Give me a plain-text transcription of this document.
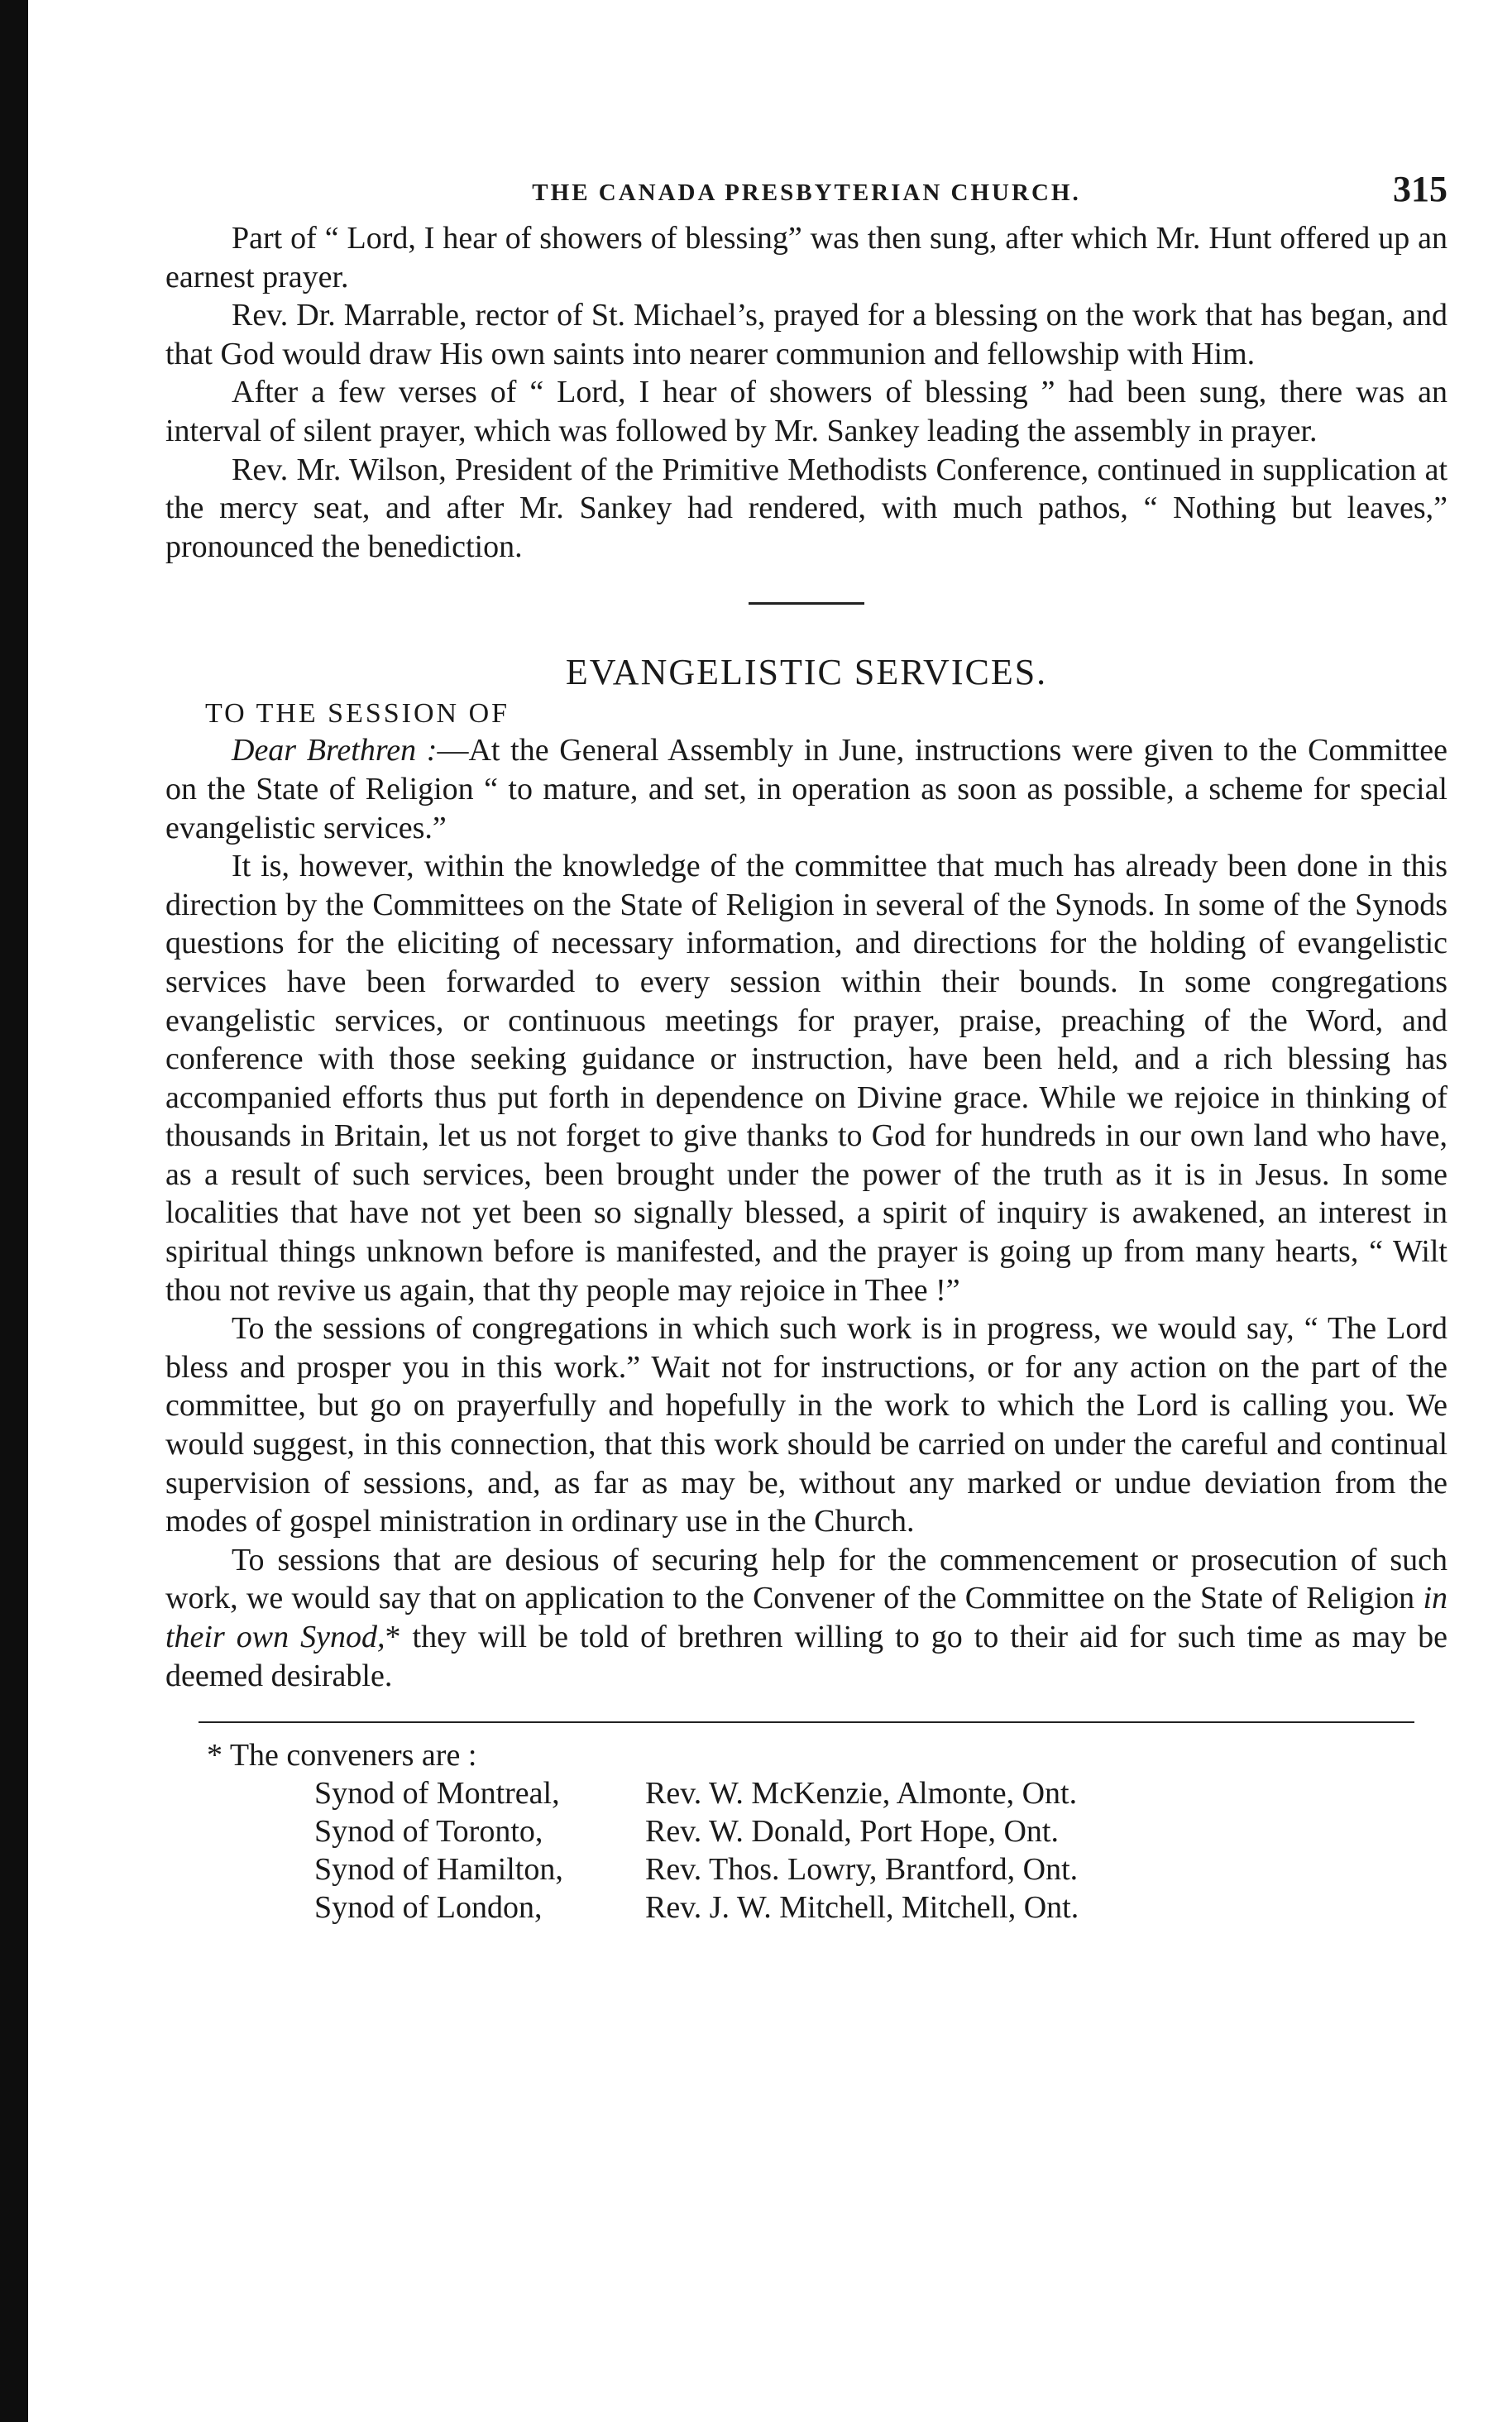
THE CANADA PRESBYTERIAN CHURCH.	315

Part of “ Lord, I hear of showers of blessing” was then sung, after which Mr. Hunt offered up an earnest prayer.

Rev. Dr. Marrable, rector of St. Michael’s, prayed for a blessing on the work that has began, and that God would draw His own saints into nearer communion and fellowship with Him.

After a few verses of “ Lord, I hear of showers of blessing ” had been sung, there was an interval of silent prayer, which was followed by Mr. Sankey leading the assembly in prayer.

Rev. Mr. Wilson, President of the Primitive Methodists Conference, continued in supplication at the mercy seat, and after Mr. Sankey had rendered, with much pathos, “ Nothing but leaves,” pronounced the benediction.

EVANGELISTIC SERVICES.
TO THE SESSION OF

Dear Brethren :—At the General Assembly in June, instructions were given to the Committee on the State of Religion “ to mature, and set, in operation as soon as possible, a scheme for special evangelistic services.”

It is, however, within the knowledge of the committee that much has already been done in this direction by the Committees on the State of Religion in several of the Synods. In some of the Synods questions for the eliciting of necessary information, and directions for the holding of evangelistic services have been forwarded to every session within their bounds. In some congregations evangelistic services, or continuous meetings for prayer, praise, preaching of the Word, and conference with those seeking guidance or instruction, have been held, and a rich blessing has accompanied efforts thus put forth in dependence on Divine grace. While we rejoice in thinking of thousands in Britain, let us not forget to give thanks to God for hundreds in our own land who have, as a result of such services, been brought under the power of the truth as it is in Jesus. In some localities that have not yet been so signally blessed, a spirit of inquiry is awakened, an interest in spiritual things unknown before is manifested, and the prayer is going up from many hearts, “ Wilt thou not revive us again, that thy people may rejoice in Thee !”

To the sessions of congregations in which such work is in progress, we would say, “ The Lord bless and prosper you in this work.” Wait not for instructions, or for any action on the part of the committee, but go on prayerfully and hopefully in the work to which the Lord is calling you. We would suggest, in this connection, that this work should be carried on under the careful and continual supervision of sessions, and, as far as may be, without any marked or undue deviation from the modes of gospel ministration in ordinary use in the Church.

To sessions that are desious of securing help for the commencement or prosecution of such work, we would say that on application to the Convener of the Committee on the State of Religion in their own Synod,* they will be told of brethren willing to go to their aid for such time as may be deemed desirable.

* The conveners are :
Synod of Montreal,	Rev. W. McKenzie, Almonte, Ont.
Synod of Toronto,	Rev. W. Donald, Port Hope, Ont.
Synod of Hamilton,	Rev. Thos. Lowry, Brantford, Ont.
Synod of London,	Rev. J. W. Mitchell, Mitchell, Ont.
